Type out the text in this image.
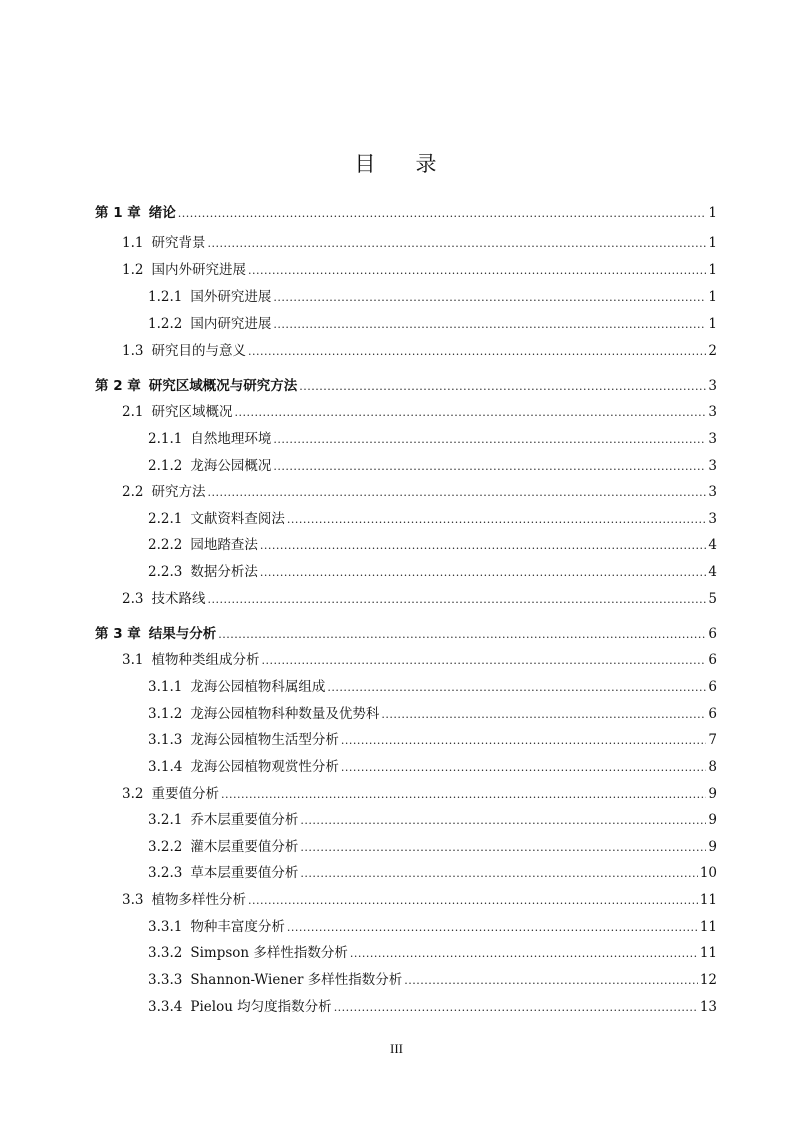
目 录
第 1 章 绪论 .....	1
1.1 研究背景 .....	1
1.2 国内外研究进展 .....	1
1.2.1 国外研究进展 .....	1
1.2.2 国内研究进展 .....	1
1.3 研究目的与意义 .....	2
第 2 章 研究区域概况与研究方法 .....	3
2.1 研究区域概况 .....	3
2.1.1 自然地理环境 .....	3
2.1.2 龙海公园概况 .....	3
2.2 研究方法 .....	3
2.2.1 文献资料查阅法 .....	3
2.2.2 园地踏查法 .....	4
2.2.3 数据分析法 .....	4
2.3 技术路线 .....	5
第 3 章 结果与分析 .....	6
3.1 植物种类组成分析 .....	6
3.1.1 龙海公园植物科属组成 .....	6
3.1.2 龙海公园植物科种数量及优势科 .....	6
3.1.3 龙海公园植物生活型分析 .....	7
3.1.4 龙海公园植物观赏性分析 .....	8
3.2 重要值分析 .....	9
3.2.1 乔木层重要值分析 .....	9
3.2.2 灌木层重要值分析 .....	9
3.2.3 草本层重要值分析 .....	10
3.3 植物多样性分析 .....	11
3.3.1 物种丰富度分析 .....	11
3.3.2 Simpson 多样性指数分析 .....	11
3.3.3 Shannon-Wiener 多样性指数分析 .....	12
3.3.4 Pielou 均匀度指数分析 .....	13
III
